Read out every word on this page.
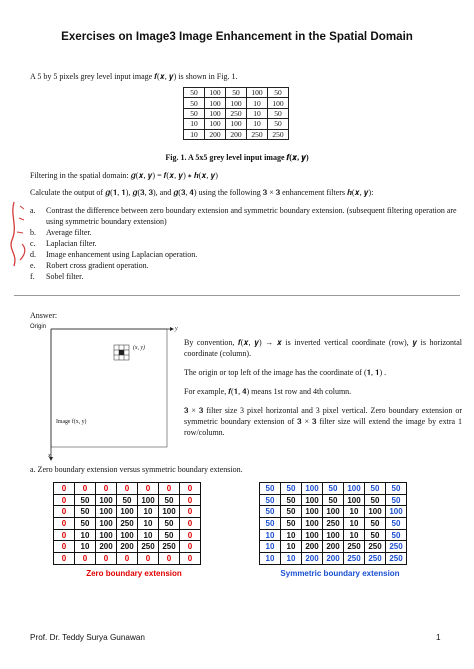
Exercises on Image3 Image Enhancement in the Spatial Domain
A 5 by 5 pixels grey level input image 𝒇(𝒙, 𝒚) is shown in Fig. 1.
50	100	50	100	50
50	100	100	10	100
50	100	250	10	50
10	100	100	10	50
10	200	200	250	250
Fig. 1. A 5x5 grey level input image 𝒇(𝒙, 𝒚)
Filtering in the spatial domain: 𝒈(𝒙, 𝒚) = 𝒇(𝒙, 𝒚) ∗ 𝒉(𝒙, 𝒚)
Calculate the output of 𝒈(𝟏, 𝟏), 𝒈(𝟑, 𝟑), and 𝒈(𝟑, 𝟒) using the following 𝟑 × 𝟑 enhancement filters 𝒉(𝒙, 𝒚):
a.	Contrast the difference between zero boundary extension and symmetric boundary extension. (subsequent filtering operation are using symmetric boundary extension)
b.	Average filter.
c.	Laplacian filter.
d.	Image enhancement using Laplacian operation.
e.	Robert cross gradient operation.
f.	Sobel filter.
Answer:
Origin	y
x
(x, y)
Image f(x, y)
By convention, 𝒇(𝒙, 𝒚) → 𝒙 is inverted vertical coordinate (row), 𝒚 is horizontal coordinate (column).
The origin or top left of the image has the coordinate of (𝟏, 𝟏) .
For example, 𝒇(𝟏, 𝟒) means 1st row and 4th column.
𝟑 × 𝟑 filter size 3 pixel horizontal and 3 pixel vertical. Zero boundary extension or symmetric boundary extension of 𝟑 × 𝟑 filter size will extend the image by extra 1 row/column.
a. Zero boundary extension versus symmetric boundary extension.
0	0	0	0	0	0	0
0	50	100	50	100	50	0
0	50	100	100	10	100	0
0	50	100	250	10	50	0
0	10	100	100	10	50	0
0	10	200	200	250	250	0
0	0	0	0	0	0	0
50	50	100	50	100	50	50
50	50	100	50	100	50	50
50	50	100	100	10	100	100
50	50	100	250	10	50	50
10	10	100	100	10	50	50
10	10	200	200	250	250	250
10	10	200	200	250	250	250
Zero boundary extension	Symmetric boundary extension
Prof. Dr. Teddy Surya Gunawan	1
